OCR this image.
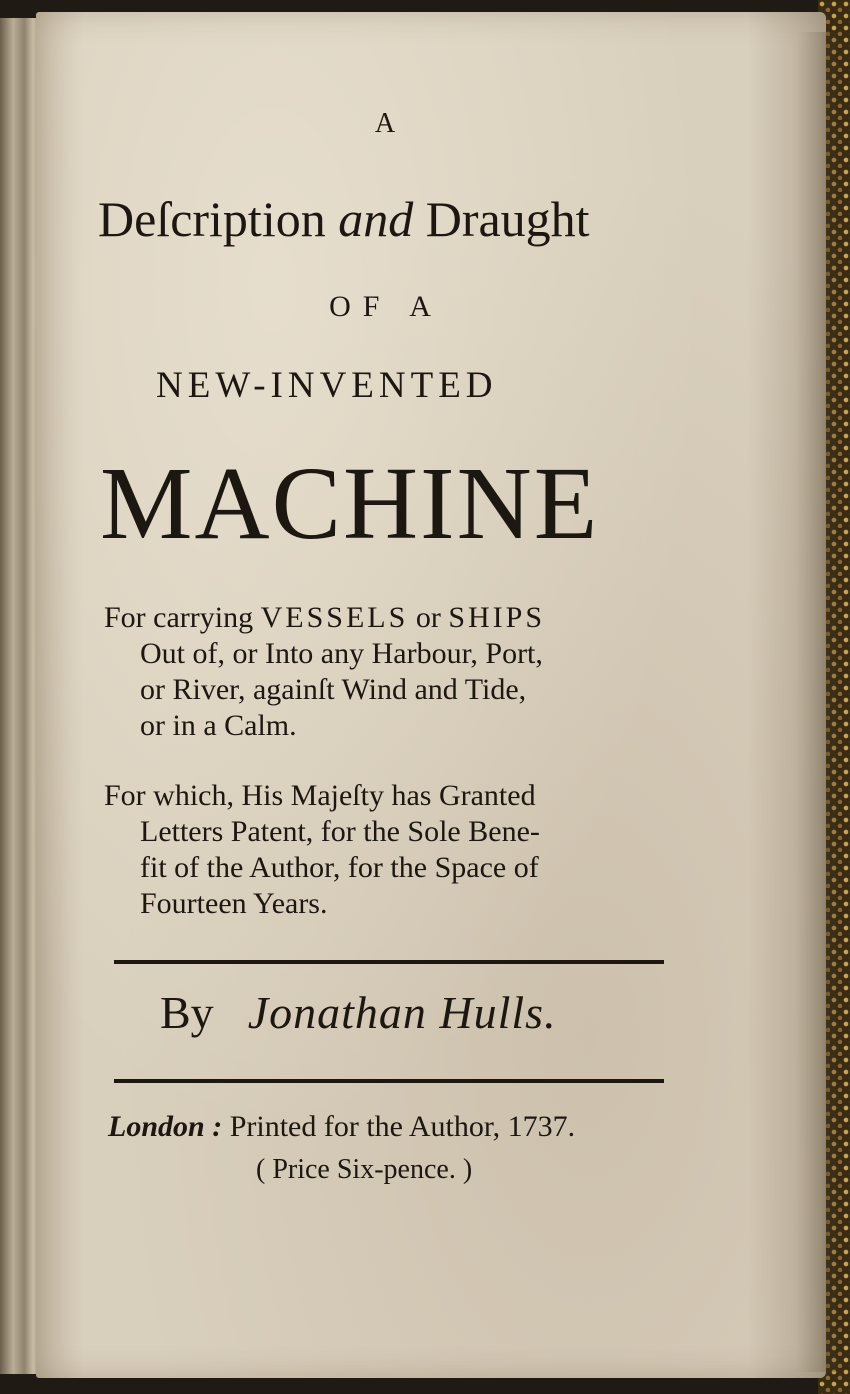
A
Deſcription and Draught
OF A
NEW-INVENTED
MACHINE
For carrying VESSELS or SHIPS
Out of, or Into any Harbour, Port,
or River, againſt Wind and Tide,
or in a Calm.
For which, His Majeſty has Granted
Letters Patent, for the Sole Bene-
fit of the Author, for the Space of
Fourteen Years.
By Jonathan Hulls.
London : Printed for the Author, 1737.
( Price Six-pence. )
